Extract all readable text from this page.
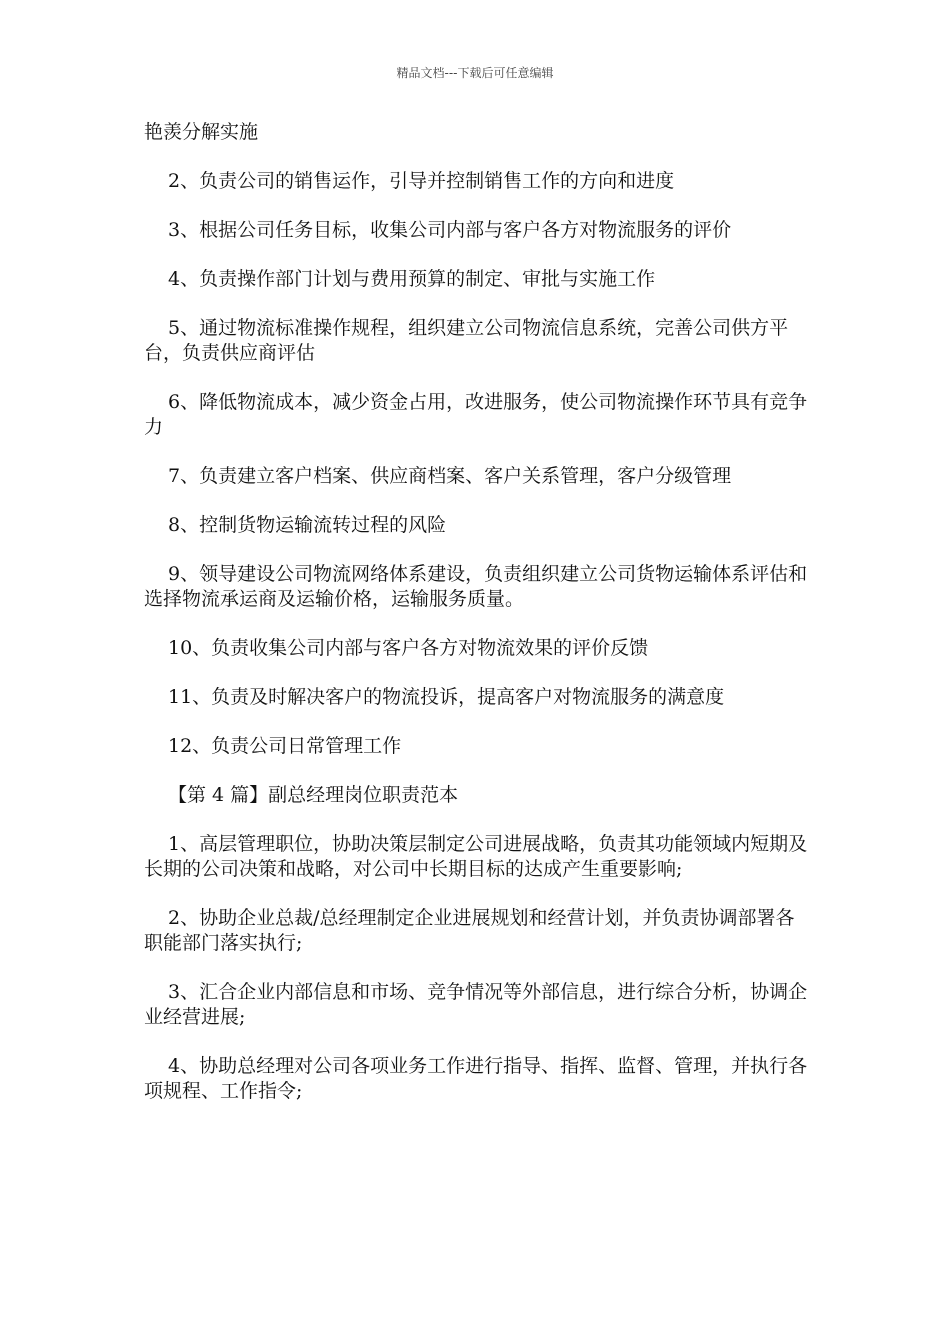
精品文档---下载后可任意编辑

艳羡分解实施

2、负责公司的销售运作，引导并控制销售工作的方向和进度

3、根据公司任务目标，收集公司内部与客户各方对物流服务的评价

4、负责操作部门计划与费用预算的制定、审批与实施工作

5、通过物流标准操作规程，组织建立公司物流信息系统，完善公司供方平台，负责供应商评估

6、降低物流成本，减少资金占用，改进服务，使公司物流操作环节具有竞争力

7、负责建立客户档案、供应商档案、客户关系管理，客户分级管理

8、控制货物运输流转过程的风险

9、领导建设公司物流网络体系建设，负责组织建立公司货物运输体系评估和选择物流承运商及运输价格，运输服务质量。

10、负责收集公司内部与客户各方对物流效果的评价反馈

11、负责及时解决客户的物流投诉，提高客户对物流服务的满意度

12、负责公司日常管理工作

【第 4 篇】副总经理岗位职责范本

1、高层管理职位，协助决策层制定公司进展战略，负责其功能领域内短期及长期的公司决策和战略，对公司中长期目标的达成产生重要影响;

2、协助企业总裁/总经理制定企业进展规划和经营计划，并负责协调部署各职能部门落实执行;

3、汇合企业内部信息和市场、竞争情况等外部信息，进行综合分析，协调企业经营进展;

4、协助总经理对公司各项业务工作进行指导、指挥、监督、管理，并执行各项规程、工作指令;
